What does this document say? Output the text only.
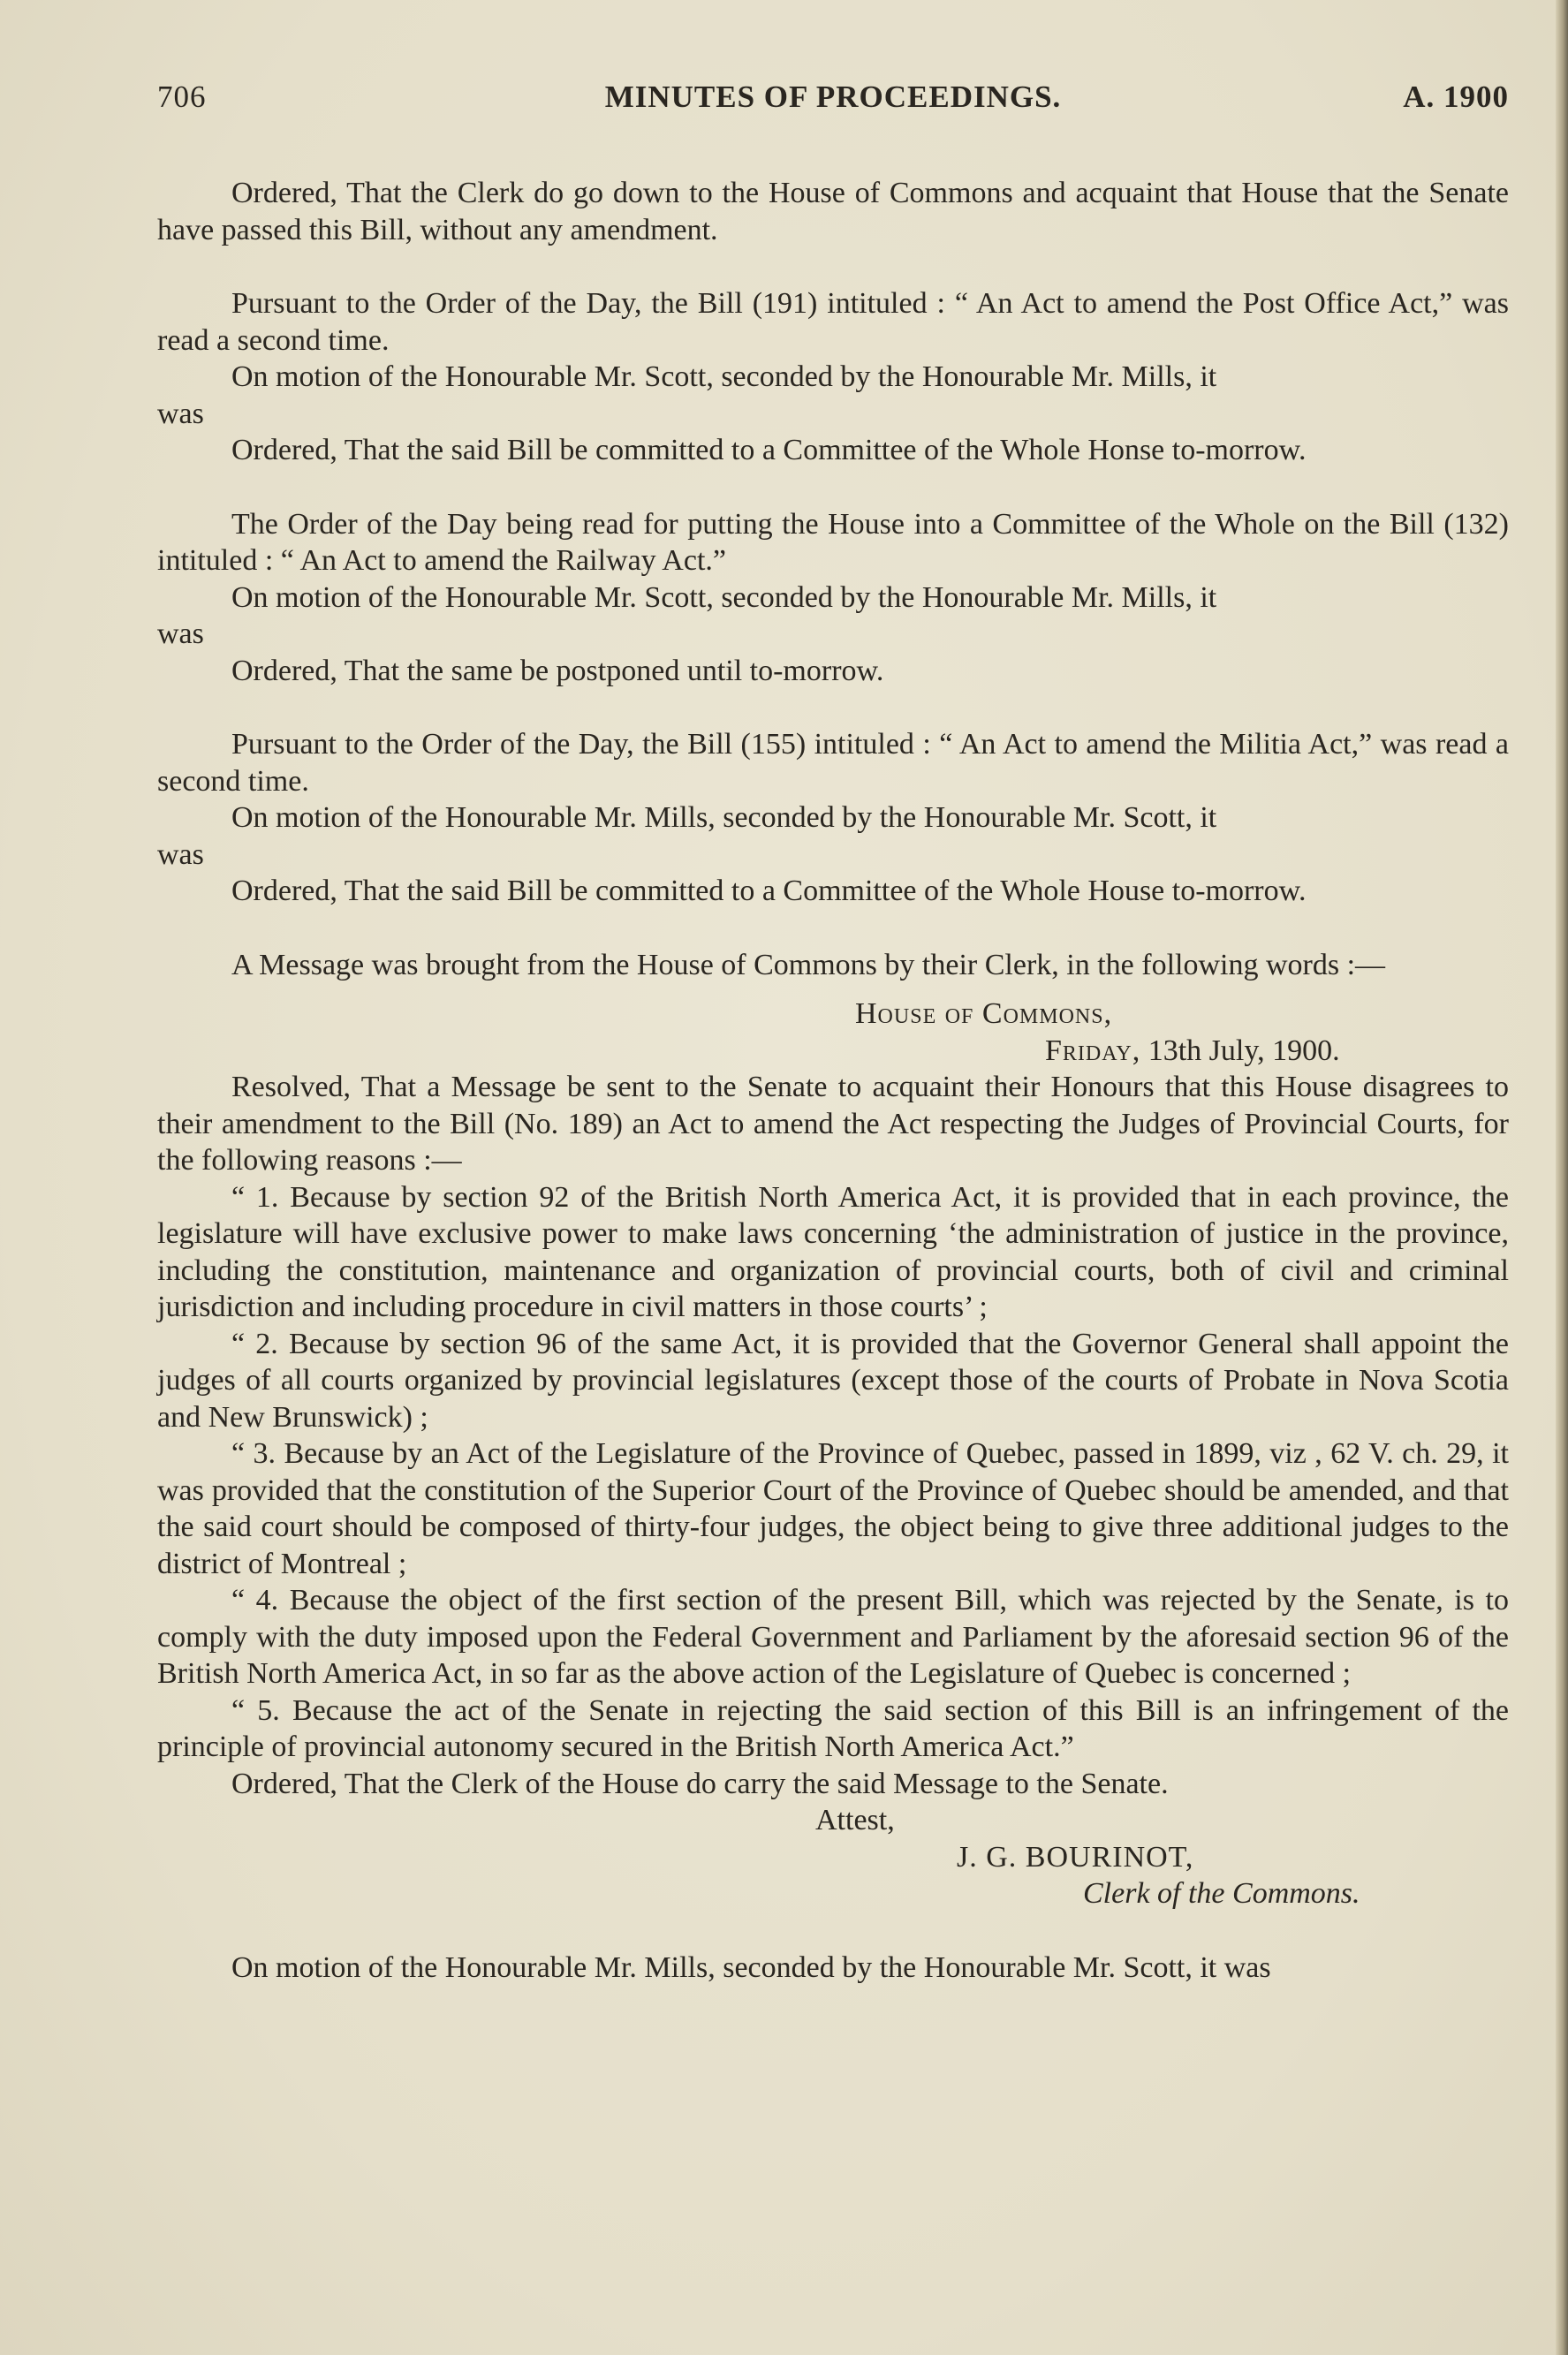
706	MINUTES OF PROCEEDINGS.	A. 1900

Ordered, That the Clerk do go down to the House of Commons and acquaint that House that the Senate have passed this Bill, without any amendment.

Pursuant to the Order of the Day, the Bill (191) intituled : “ An Act to amend the Post Office Act,” was read a second time.

On motion of the Honourable Mr. Scott, seconded by the Honourable Mr. Mills, it

was

Ordered, That the said Bill be committed to a Committee of the Whole Honse to-morrow.

The Order of the Day being read for putting the House into a Committee of the Whole on the Bill (132) intituled : “ An Act to amend the Railway Act.”

On motion of the Honourable Mr. Scott, seconded by the Honourable Mr. Mills, it

was

Ordered, That the same be postponed until to-morrow.

Pursuant to the Order of the Day, the Bill (155) intituled : “ An Act to amend the Militia Act,” was read a second time.

On motion of the Honourable Mr. Mills, seconded by the Honourable Mr. Scott, it

was

Ordered, That the said Bill be committed to a Committee of the Whole House to-morrow.

A Message was brought from the House of Commons by their Clerk, in the following words :—

House of Commons,

Friday, 13th July, 1900.

Resolved, That a Message be sent to the Senate to acquaint their Honours that this House disagrees to their amendment to the Bill (No. 189) an Act to amend the Act respecting the Judges of Provincial Courts, for the following reasons :—

“ 1. Because by section 92 of the British North America Act, it is provided that in each province, the legislature will have exclusive power to make laws concerning ‘the administration of justice in the province, including the constitution, maintenance and organization of provincial courts, both of civil and criminal jurisdiction and including procedure in civil matters in those courts’ ;

“ 2. Because by section 96 of the same Act, it is provided that the Governor General shall appoint the judges of all courts organized by provincial legislatures (except those of the courts of Probate in Nova Scotia and New Brunswick) ;

“ 3. Because by an Act of the Legislature of the Province of Quebec, passed in 1899, viz , 62 V. ch. 29, it was provided that the constitution of the Superior Court of the Province of Quebec should be amended, and that the said court should be composed of thirty-four judges, the object being to give three additional judges to the district of Montreal ;

“ 4. Because the object of the first section of the present Bill, which was rejected by the Senate, is to comply with the duty imposed upon the Federal Government and Parliament by the aforesaid section 96 of the British North America Act, in so far as the above action of the Legislature of Quebec is concerned ;

“ 5. Because the act of the Senate in rejecting the said section of this Bill is an infringement of the principle of provincial autonomy secured in the British North America Act.”

Ordered, That the Clerk of the House do carry the said Message to the Senate.

Attest,

J. G. BOURINOT,

Clerk of the Commons.

On motion of the Honourable Mr. Mills, seconded by the Honourable Mr. Scott, it was
